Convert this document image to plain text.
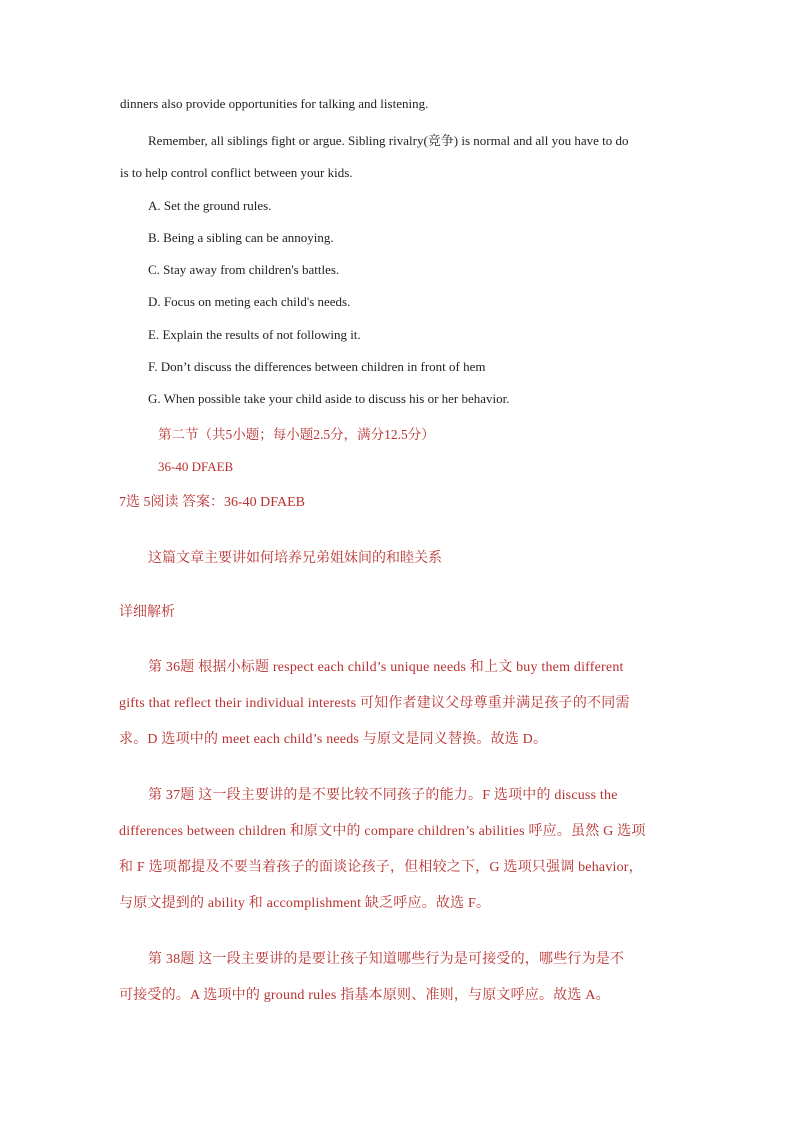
dinners also provide opportunities for talking and listening.
Remember, all siblings fight or argue. Sibling rivalry(竞争) is normal and all you have to do
is to help control conflict between your kids.
A. Set the ground rules.
B. Being a sibling can be annoying.
C. Stay away from children's battles.
D. Focus on meting each child's needs.
E. Explain the results of not following it.
F. Don’t discuss the differences between children in front of hem
G. When possible take your child aside to discuss his or her behavior.
第二节（共5小题；每小题2.5分，满分12.5分）
36-40 DFAEB
7选 5阅读 答案：36-40 DFAEB
这篇文章主要讲如何培养兄弟姐妹间的和睦关系
详细解析
第 36题 根据小标题 respect each child’s unique needs 和上文 buy them different
gifts that reflect their individual interests 可知作者建议父母尊重并满足孩子的不同需
求。D 选项中的 meet each child’s needs 与原文是同义替换。故选 D。
第 37题 这一段主要讲的是不要比较不同孩子的能力。F 选项中的 discuss the
differences between children 和原文中的 compare children’s abilities 呼应。虽然 G 选项
和 F 选项都提及不要当着孩子的面谈论孩子，但相较之下，G 选项只强调 behavior，
与原文提到的 ability 和 accomplishment 缺乏呼应。故选 F。
第 38题 这一段主要讲的是要让孩子知道哪些行为是可接受的，哪些行为是不
可接受的。A 选项中的 ground rules 指基本原则、准则，与原文呼应。故选 A。
